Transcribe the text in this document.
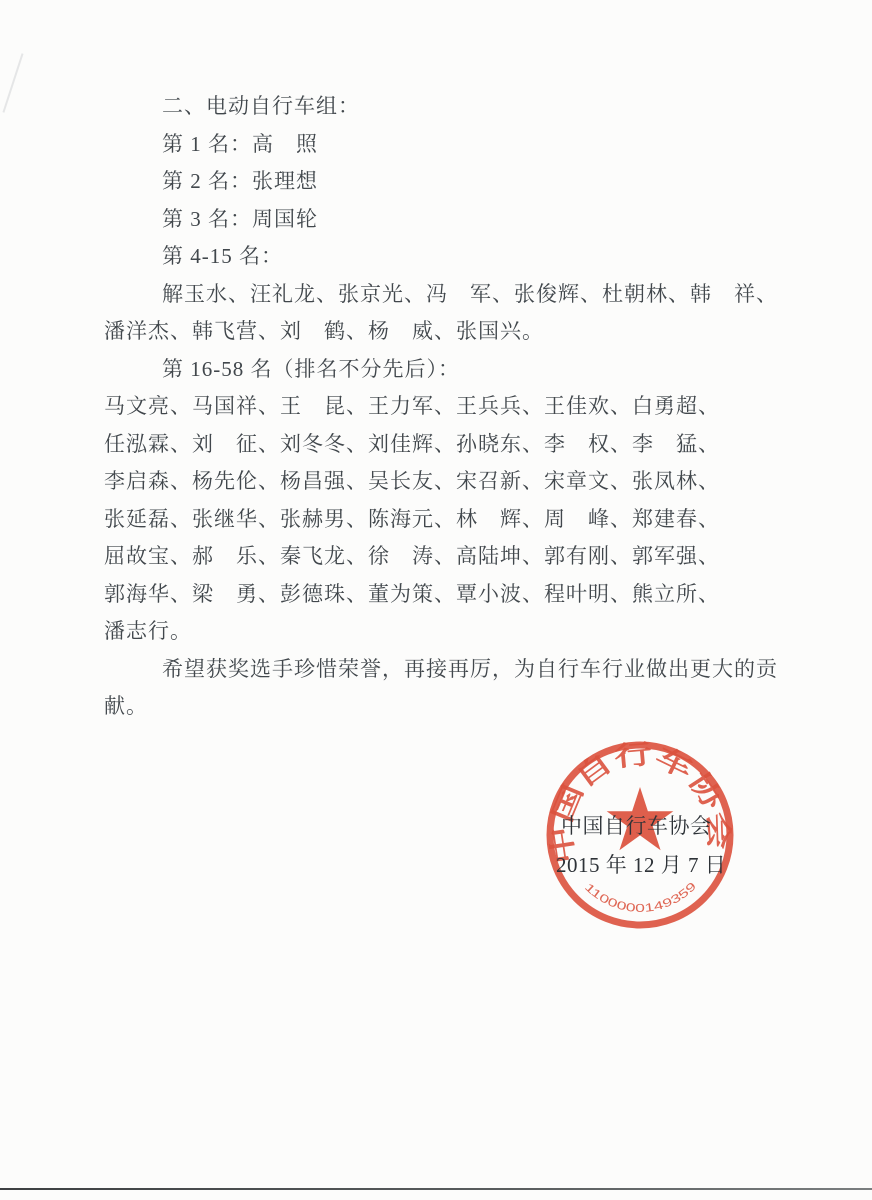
二、电动自行车组：
第 1 名：高　照
第 2 名：张理想
第 3 名：周国轮
第 4-15 名：
解玉水、汪礼龙、张京光、冯　军、张俊辉、杜朝林、韩　祥、
潘洋杰、韩飞营、刘　鹤、杨　威、张国兴。
第 16-58 名（排名不分先后）：
马文亮、马国祥、王　昆、王力军、王兵兵、王佳欢、白勇超、
任泓霖、刘　征、刘冬冬、刘佳辉、孙晓东、李　权、李　猛、
李启森、杨先伦、杨昌强、吴长友、宋召新、宋章文、张凤林、
张延磊、张继华、张赫男、陈海元、林　辉、周　峰、郑建春、
屈故宝、郝　乐、秦飞龙、徐　涛、高陆坤、郭有刚、郭军强、
郭海华、梁　勇、彭德珠、董为策、覃小波、程叶明、熊立所、
潘志行。
希望获奖选手珍惜荣誉，再接再厉，为自行车行业做出更大的贡
献。
中国自行车协会
1100000149359
中国自行车协会
2015 年 12 月 7 日
